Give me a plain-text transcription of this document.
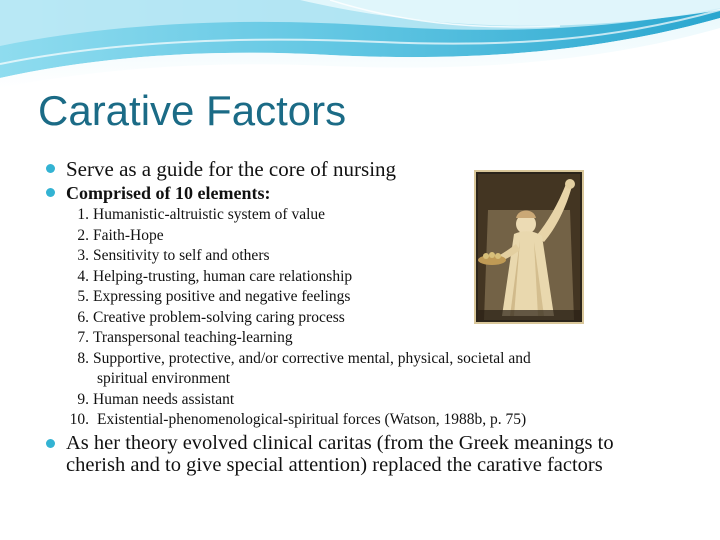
Carative Factors

Serve as a guide for the core of nursing

Comprised of 10 elements:

1. Humanistic-altruistic system of value
2. Faith-Hope
3. Sensitivity to self and others
4. Helping-trusting, human care relationship
5. Expressing positive and negative feelings
6. Creative problem-solving caring process
7. Transpersonal teaching-learning
8. Supportive, protective, and/or corrective mental, physical, societal and
spiritual environment
9. Human needs assistant
10. Existential-phenomenological-spiritual forces (Watson, 1988b, p. 75)

As her theory evolved clinical caritas (from the Greek meanings to cherish and to give special attention) replaced the carative factors
